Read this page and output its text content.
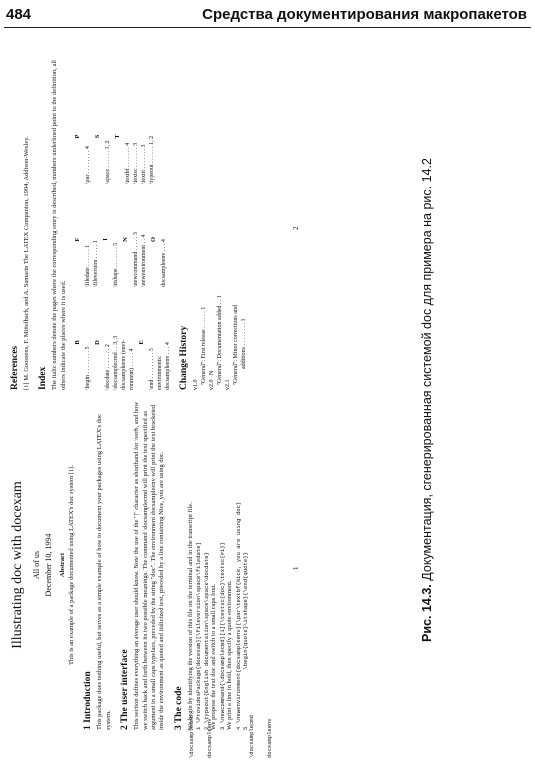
484	Средства документирования макропакетов
Illustrating doc with docexam All of us December 10, 1994 Abstract This is an example of a package documented using LATEX's doc system [1].
1 Introduction This package does nothing useful, but serves as a simple example of how to document your packages using LATEX's doc system. 2 The user interface This section defines everything an average user should know. Note the use of the "|" character as shorthand for \verb, and how we switch back and forth between its two possible meanings. The command \docsamplecmd will print the text specified as argument in a small caps typeface, preceded by the string "doc". The environment docsampleenv will print the text bracketed inside the environment as quoted and italicized text, preceded by a line containing Nice, you are using doc. 3 The code We begin by identifying the version of this file on the terminal and in the transcript file. 1 \ProvidesPackage{docexam}[\fileversion\space\filedate]
2 \typeout{English documentation\space\space\docdate} We propose the text doc and switch to a small caps font. 3 \newcommand{\docsamplecmd}[1]{\textsc{doc}\textsc{#1}} We print a line in bold, then specify a quote environment. 4 \newenvironment{docsampleenv}{\par\textbf{Nice, you are using doc}
5                 \begin{quote}\itshape}{\end{quote}}
\docsamplecmd docsampleenv	\docsamplecmd docsampleenv
1
References [1] M. Goossens, F. Mittelbach, and A. Samarin The LATEX Companion, 1994, Addison-Wesley. Index The italic numbers denote the pages where the corresponding entry is described, numbers underlined point to the definition, all others indicate the places where it is used. B
\begin . . . . . . . . 5
D
\docdate . . . . . . . 2 \docsamplecmd . . 3, 3 docsampleenv (envi- ronment) . . . . . 4
E
\end . . . . . . . . . 5 environments: docsampleenv . . . 4
F
\filedate . . . . . . 1 \fileversion . . . . . 1
I
\itshape . . . . . . . 5
N \newcommand . . . . . 3 \newenvironment . . 4 O docsampleenv . . . 4
P
\par . . . . . . . . 4
S
\space . . . . . . 1, 2
T
\textbf . . . . . . . 4 \textsc . . . . . . . 3 \textit . . . . . . . 3 \typeout . . . . . . 1, 2
Change History v1.0 "General": First release . . . . . . 1 v2.0   N "General": Documentation added . . 1 v2.1 "General": Minor corrections and additions . . . . . . . . 1
2
Рис. 14.3. Документация, сгенерированная системой doc для примера на рис. 14.2
